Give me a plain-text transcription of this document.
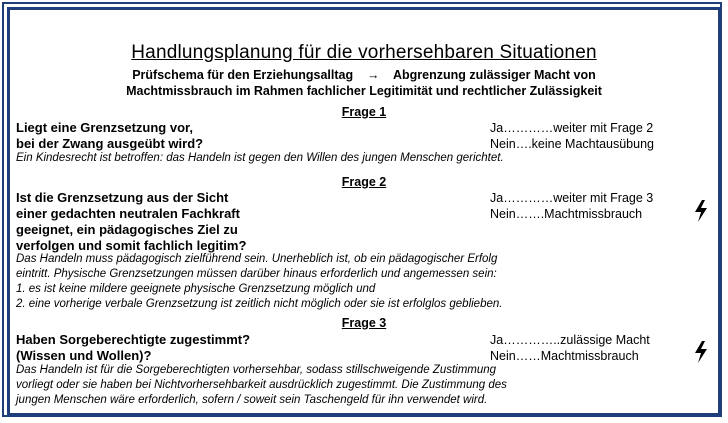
Handlungsplanung für die vorhersehbaren Situationen
Prüfschema für den Erziehungsalltag → Abgrenzung zulässiger Macht von
Machtmissbrauch im Rahmen fachlicher Legitimität und rechtlicher Zulässigkeit
Frage 1
Liegt eine Grenzsetzung vor,
bei der Zwang ausgeübt wird?
Ja…………weiter mit Frage 2
Nein….keine Machtausübung
Ein Kindesrecht ist betroffen: das Handeln ist gegen den Willen des jungen Menschen gerichtet.
Frage 2
Ist die Grenzsetzung aus der Sicht
einer gedachten neutralen Fachkraft
geeignet, ein pädagogisches Ziel zu
verfolgen und somit fachlich legitim?
Ja…………weiter mit Frage 3
Nein…….Machtmissbrauch
Das Handeln muss pädagogisch zielführend sein. Unerheblich ist, ob ein pädagogischer Erfolg
eintritt. Physische Grenzsetzungen müssen darüber hinaus erforderlich und angemessen sein:
1. es ist keine mildere geeignete physische Grenzsetzung möglich und
2. eine vorherige verbale Grenzsetzung ist zeitlich nicht möglich oder sie ist erfolglos geblieben.
Frage 3
Haben Sorgeberechtigte zugestimmt?
(Wissen und Wollen)?
Ja…………..zulässige Macht
Nein……Machtmissbrauch
Das Handeln ist für die Sorgeberechtigten vorhersehbar, sodass stillschweigende Zustimmung
vorliegt oder sie haben bei Nichtvorhersehbarkeit ausdrücklich zugestimmt. Die Zustimmung des
jungen Menschen wäre erforderlich, sofern / soweit sein Taschengeld für ihn verwendet wird.
